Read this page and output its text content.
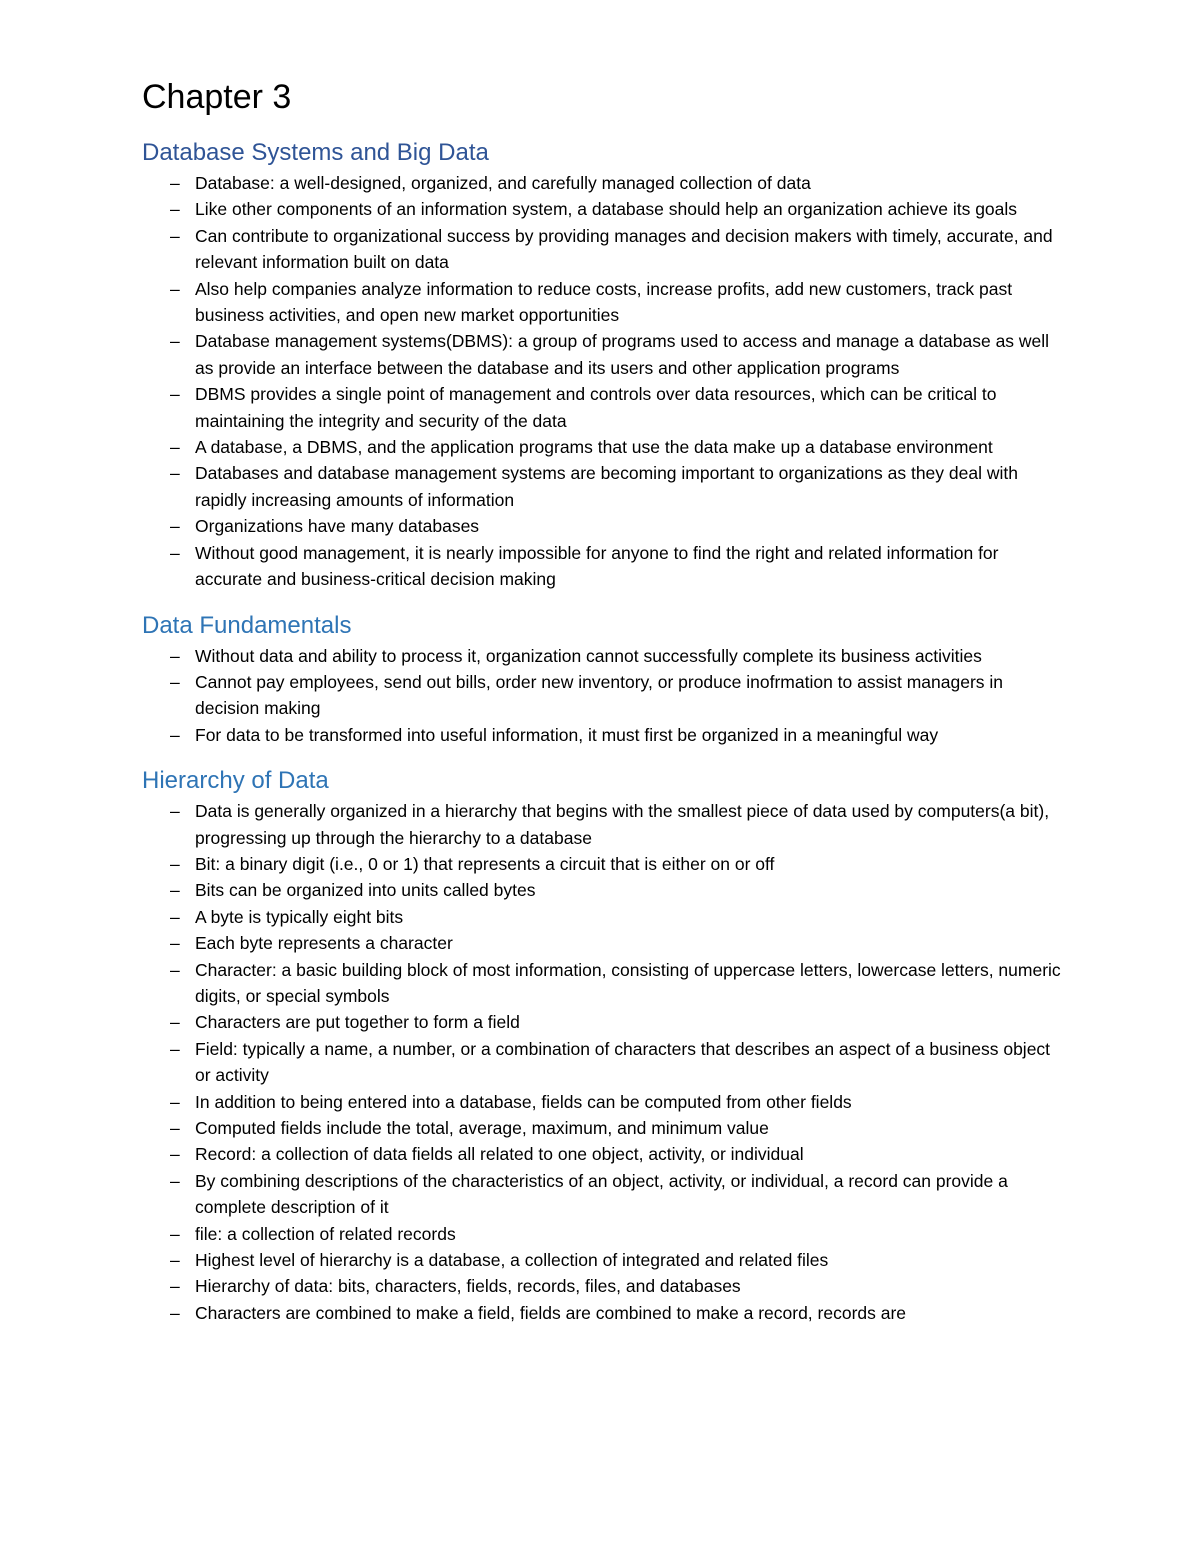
Chapter 3
Database Systems and Big Data
– Database: a well-designed, organized, and carefully managed collection of data
– Like other components of an information system, a database should help an organization achieve its goals
– Can contribute to organizational success by providing manages and decision makers with timely, accurate, and relevant information built on data
– Also help companies analyze information to reduce costs, increase profits, add new customers, track past business activities, and open new market opportunities
– Database management systems(DBMS): a group of programs used to access and manage a database as well as provide an interface between the database and its users and other application programs
– DBMS provides a single point of management and controls over data resources, which can be critical to maintaining the integrity and security of the data
– A database, a DBMS, and the application programs that use the data make up a database environment
– Databases and database management systems are becoming important to organizations as they deal with rapidly increasing amounts of information
– Organizations have many databases
– Without good management, it is nearly impossible for anyone to find the right and related information for accurate and business-critical decision making
Data Fundamentals
– Without data and ability to process it, organization cannot successfully complete its business activities
– Cannot pay employees, send out bills, order new inventory, or produce inofrmation to assist managers in decision making
– For data to be transformed into useful information, it must first be organized in a meaningful way
Hierarchy of Data
– Data is generally organized in a hierarchy that begins with the smallest piece of data used by computers(a bit), progressing up through the hierarchy to a database
– Bit: a binary digit (i.e., 0 or 1) that represents a circuit that is either on or off
– Bits can be organized into units called bytes
– A byte is typically eight bits
– Each byte represents a character
– Character: a basic building block of most information, consisting of uppercase letters, lowercase letters, numeric digits, or special symbols
– Characters are put together to form a field
– Field: typically a name, a number, or a combination of characters that describes an aspect of a business object or activity
– In addition to being entered into a database, fields can be computed from other fields
– Computed fields include the total, average, maximum, and minimum value
– Record: a collection of data fields all related to one object, activity, or individual
– By combining descriptions of the characteristics of an object, activity, or individual, a record can provide a complete description of it
– file: a collection of related records
– Highest level of hierarchy is a database, a collection of integrated and related files
– Hierarchy of data: bits, characters, fields, records, files, and databases
– Characters are combined to make a field, fields are combined to make a record, records are
